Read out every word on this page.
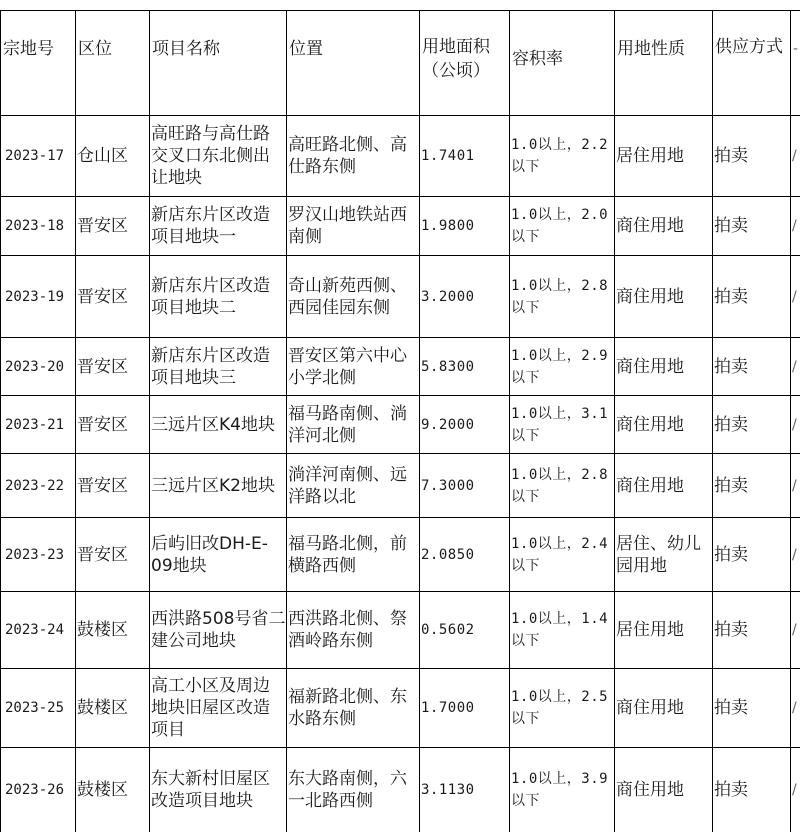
宗地号	区位	项目名称	位置	用地面积（公顷）	容积率	用地性质	供应方式	-
2023-17	仓山区	高旺路与高仕路交叉口东北侧出让地块	高旺路北侧、高仕路东侧	1.7401	1.0以上，2.2以下	居住用地	拍卖	/
2023-18	晋安区	新店东片区改造项目地块一	罗汉山地铁站西南侧	1.9800	1.0以上，2.0以下	商住用地	拍卖	/
2023-19	晋安区	新店东片区改造项目地块二	奇山新苑西侧、西园佳园东侧	3.2000	1.0以上，2.8以下	商住用地	拍卖	/
2023-20	晋安区	新店东片区改造项目地块三	晋安区第六中心小学北侧	5.8300	1.0以上，2.9以下	商住用地	拍卖	/
2023-21	晋安区	三远片区K4地块	福马路南侧、淌洋河北侧	9.2000	1.0以上，3.1以下	商住用地	拍卖	/
2023-22	晋安区	三远片区K2地块	淌洋河南侧、远洋路以北	7.3000	1.0以上，2.8以下	商住用地	拍卖	/
2023-23	晋安区	后屿旧改DH-E-09地块	福马路北侧，前横路西侧	2.0850	1.0以上，2.4以下	居住、幼儿园用地	拍卖	/
2023-24	鼓楼区	西洪路508号省二建公司地块	西洪路北侧、祭酒岭路东侧	0.5602	1.0以上，1.4以下	居住用地	拍卖	/
2023-25	鼓楼区	高工小区及周边地块旧屋区改造项目	福新路北侧、东水路东侧	1.7000	1.0以上，2.5以下	商住用地	拍卖	/
2023-26	鼓楼区	东大新村旧屋区改造项目地块	东大路南侧，六一北路西侧	3.1130	1.0以上，3.9以下	商住用地	拍卖	/
